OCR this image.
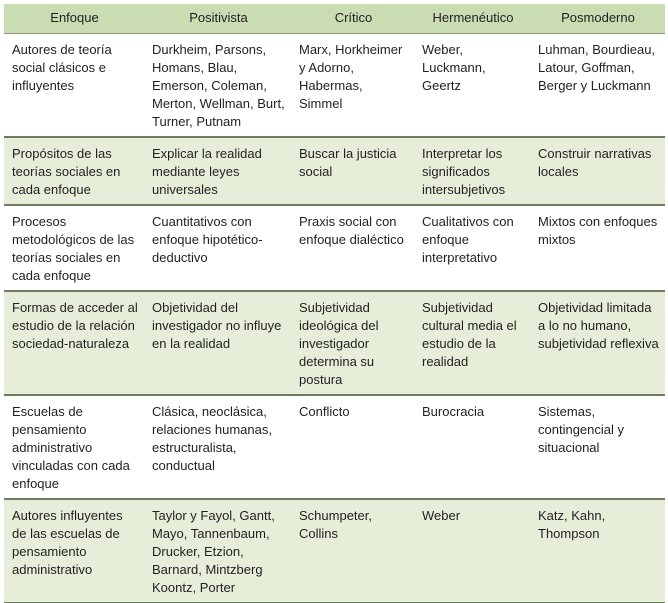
Enfoque	Positivista	Crítico	Hermenéutico	Posmoderno
Autores de teoría social clásicos e influyentes	Durkheim, Parsons, Homans, Blau, Emerson, Coleman, Merton, Wellman, Burt, Turner, Putnam	Marx, Horkheimer y Adorno, Habermas, Simmel	Weber, Luckmann, Geertz	Luhman, Bourdieau, Latour, Goffman, Berger y Luckmann
Propósitos de las teorías sociales en cada enfoque	Explicar la realidad mediante leyes universales	Buscar la justicia social	Interpretar los significados intersubjetivos	Construir narrativas locales
Procesos metodológicos de las teorías sociales en cada enfoque	Cuantitativos con enfoque hipotético-deductivo	Praxis social con enfoque dialéctico	Cualitativos con enfoque interpretativo	Mixtos con enfoques mixtos
Formas de acceder al estudio de la relación sociedad-naturaleza	Objetividad del investigador no influye en la realidad	Subjetividad ideológica del investigador determina su postura	Subjetividad cultural media el estudio de la realidad	Objetividad limitada a lo no humano, subjetividad reflexiva
Escuelas de pensamiento administrativo vinculadas con cada enfoque	Clásica, neoclásica, relaciones humanas, estructuralista, conductual	Conflicto	Burocracia	Sistemas, contingencial y situacional
Autores influyentes de las escuelas de pensamiento administrativo	Taylor y Fayol, Gantt, Mayo, Tannenbaum, Drucker, Etzion, Barnard, Mintzberg Koontz, Porter	Schumpeter, Collins	Weber	Katz, Kahn, Thompson
